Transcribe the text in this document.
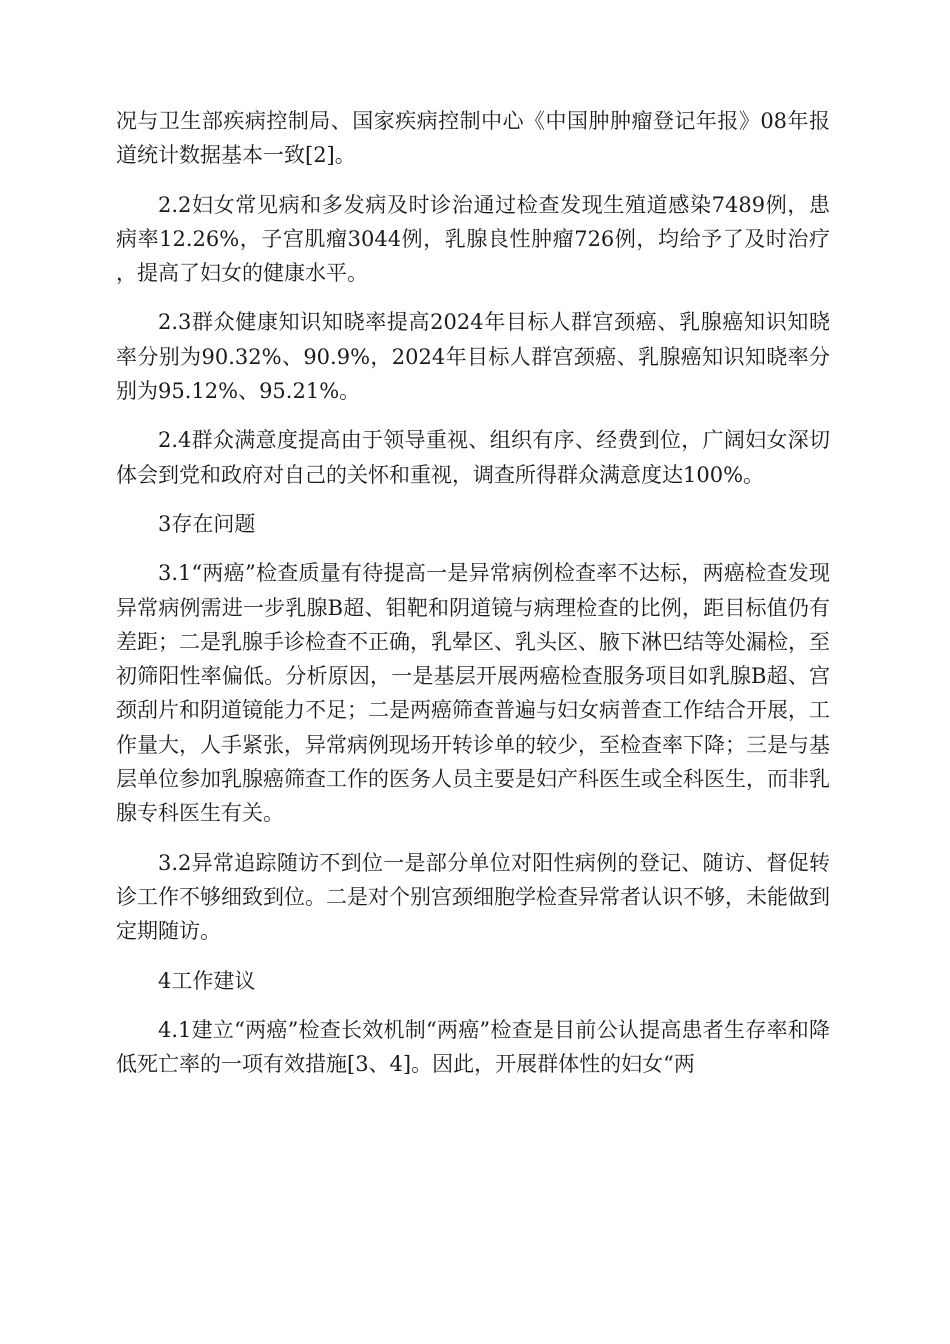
况与卫生部疾病控制局、国家疾病控制中心《中国肿肿瘤登记年报》08年报道统计数据基本一致[2]。

2.2妇女常见病和多发病及时诊治通过检查发现生殖道感染7489例，患病率12.26%，子宫肌瘤3044例，乳腺良性肿瘤726例，均给予了及时治疗，提高了妇女的健康水平。

2.3群众健康知识知晓率提高2024年目标人群宫颈癌、乳腺癌知识知晓率分别为90.32%、90.9%，2024年目标人群宫颈癌、乳腺癌知识知晓率分别为95.12%、95.21%。

2.4群众满意度提高由于领导重视、组织有序、经费到位，广阔妇女深切体会到党和政府对自己的关怀和重视，调查所得群众满意度达100%。

3存在问题

3.1“两癌”检查质量有待提高一是异常病例检查率不达标，两癌检查发现异常病例需进一步乳腺B超、钼靶和阴道镜与病理检查的比例，距目标值仍有差距；二是乳腺手诊检查不正确，乳晕区、乳头区、腋下淋巴结等处漏检，至初筛阳性率偏低。分析原因，一是基层开展两癌检查服务项目如乳腺B超、宫颈刮片和阴道镜能力不足；二是两癌筛查普遍与妇女病普查工作结合开展，工作量大，人手紧张，异常病例现场开转诊单的较少，至检查率下降；三是与基层单位参加乳腺癌筛查工作的医务人员主要是妇产科医生或全科医生，而非乳腺专科医生有关。

3.2异常追踪随访不到位一是部分单位对阳性病例的登记、随访、督促转诊工作不够细致到位。二是对个别宫颈细胞学检查异常者认识不够，未能做到定期随访。

4工作建议

4.1建立“两癌”检查长效机制“两癌”检查是目前公认提高患者生存率和降低死亡率的一项有效措施[3、4]。因此，开展群体性的妇女“两
